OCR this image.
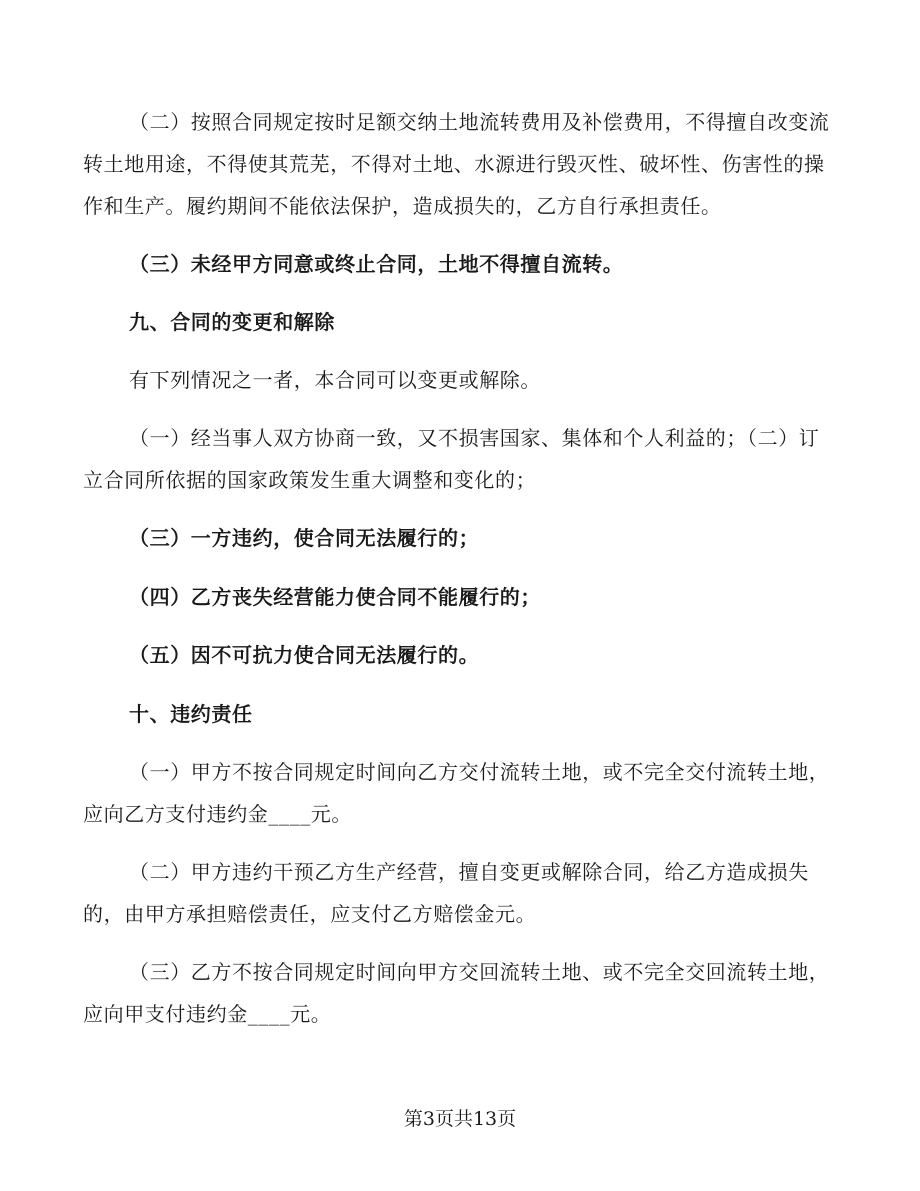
（二）按照合同规定按时足额交纳土地流转费用及补偿费用，不得擅自改变流转土地用途，不得使其荒芜，不得对土地、水源进行毁灭性、破坏性、伤害性的操作和生产。履约期间不能依法保护，造成损失的，乙方自行承担责任。
（三）未经甲方同意或终止合同，土地不得擅自流转。
九、合同的变更和解除
有下列情况之一者，本合同可以变更或解除。
（一）经当事人双方协商一致，又不损害国家、集体和个人利益的；（二）订立合同所依据的国家政策发生重大调整和变化的；
（三）一方违约，使合同无法履行的；
（四）乙方丧失经营能力使合同不能履行的；
（五）因不可抗力使合同无法履行的。
十、违约责任
（一）甲方不按合同规定时间向乙方交付流转土地，或不完全交付流转土地，应向乙方支付违约金____元。
（二）甲方违约干预乙方生产经营，擅自变更或解除合同，给乙方造成损失的，由甲方承担赔偿责任，应支付乙方赔偿金元。
（三）乙方不按合同规定时间向甲方交回流转土地、或不完全交回流转土地，应向甲支付违约金____元。
第3页共13页
